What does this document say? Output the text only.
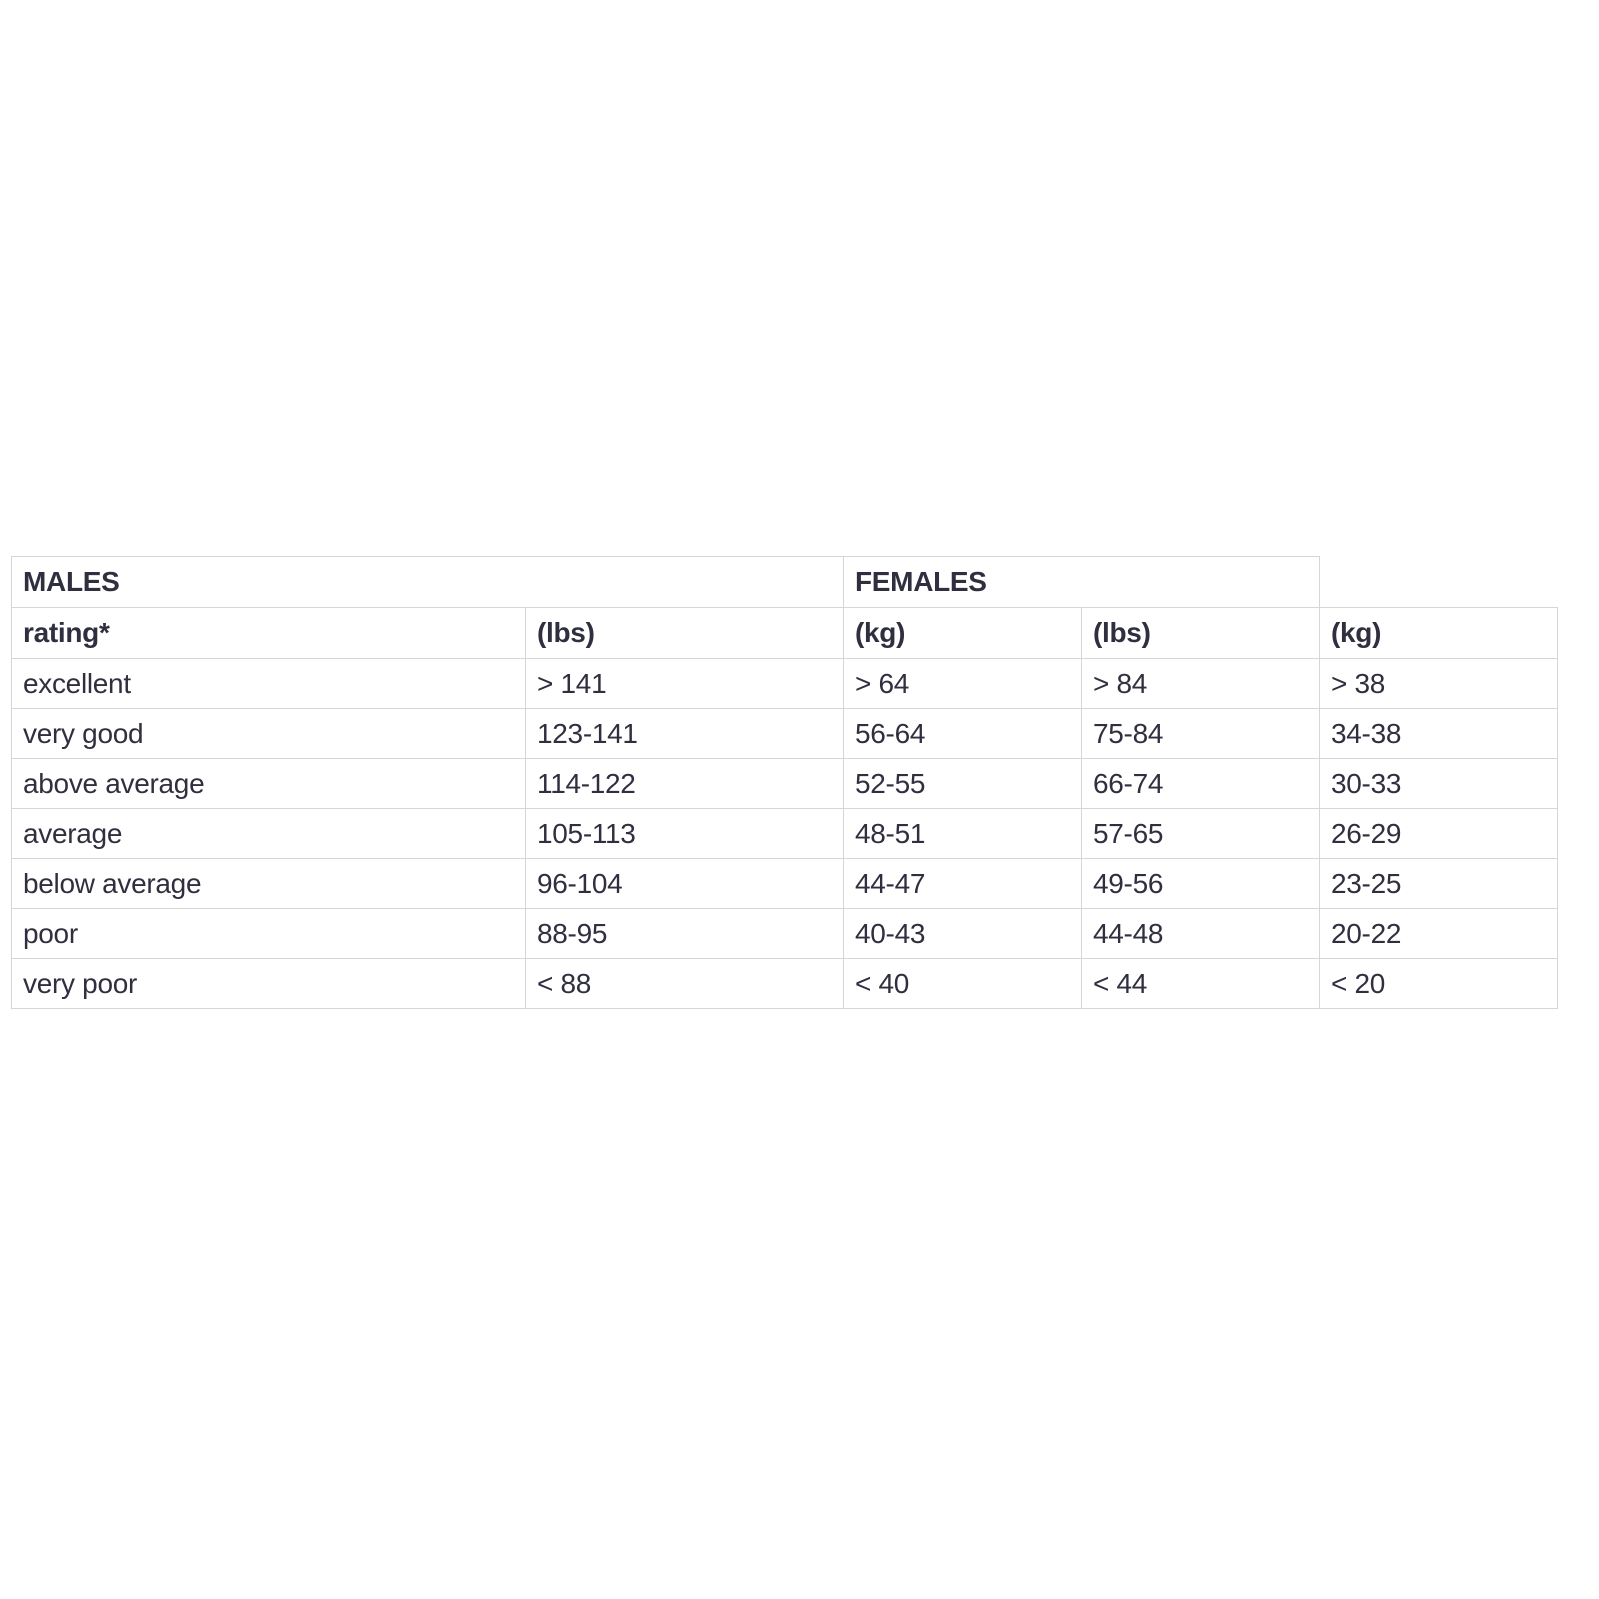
MALES	FEMALES
rating*	(lbs)	(kg)	(lbs)	(kg)
excellent	> 141	> 64	> 84	> 38
very good	123-141	56-64	75-84	34-38
above average	114-122	52-55	66-74	30-33
average	105-113	48-51	57-65	26-29
below average	96-104	44-47	49-56	23-25
poor	88-95	40-43	44-48	20-22
very poor	< 88	< 40	< 44	< 20
